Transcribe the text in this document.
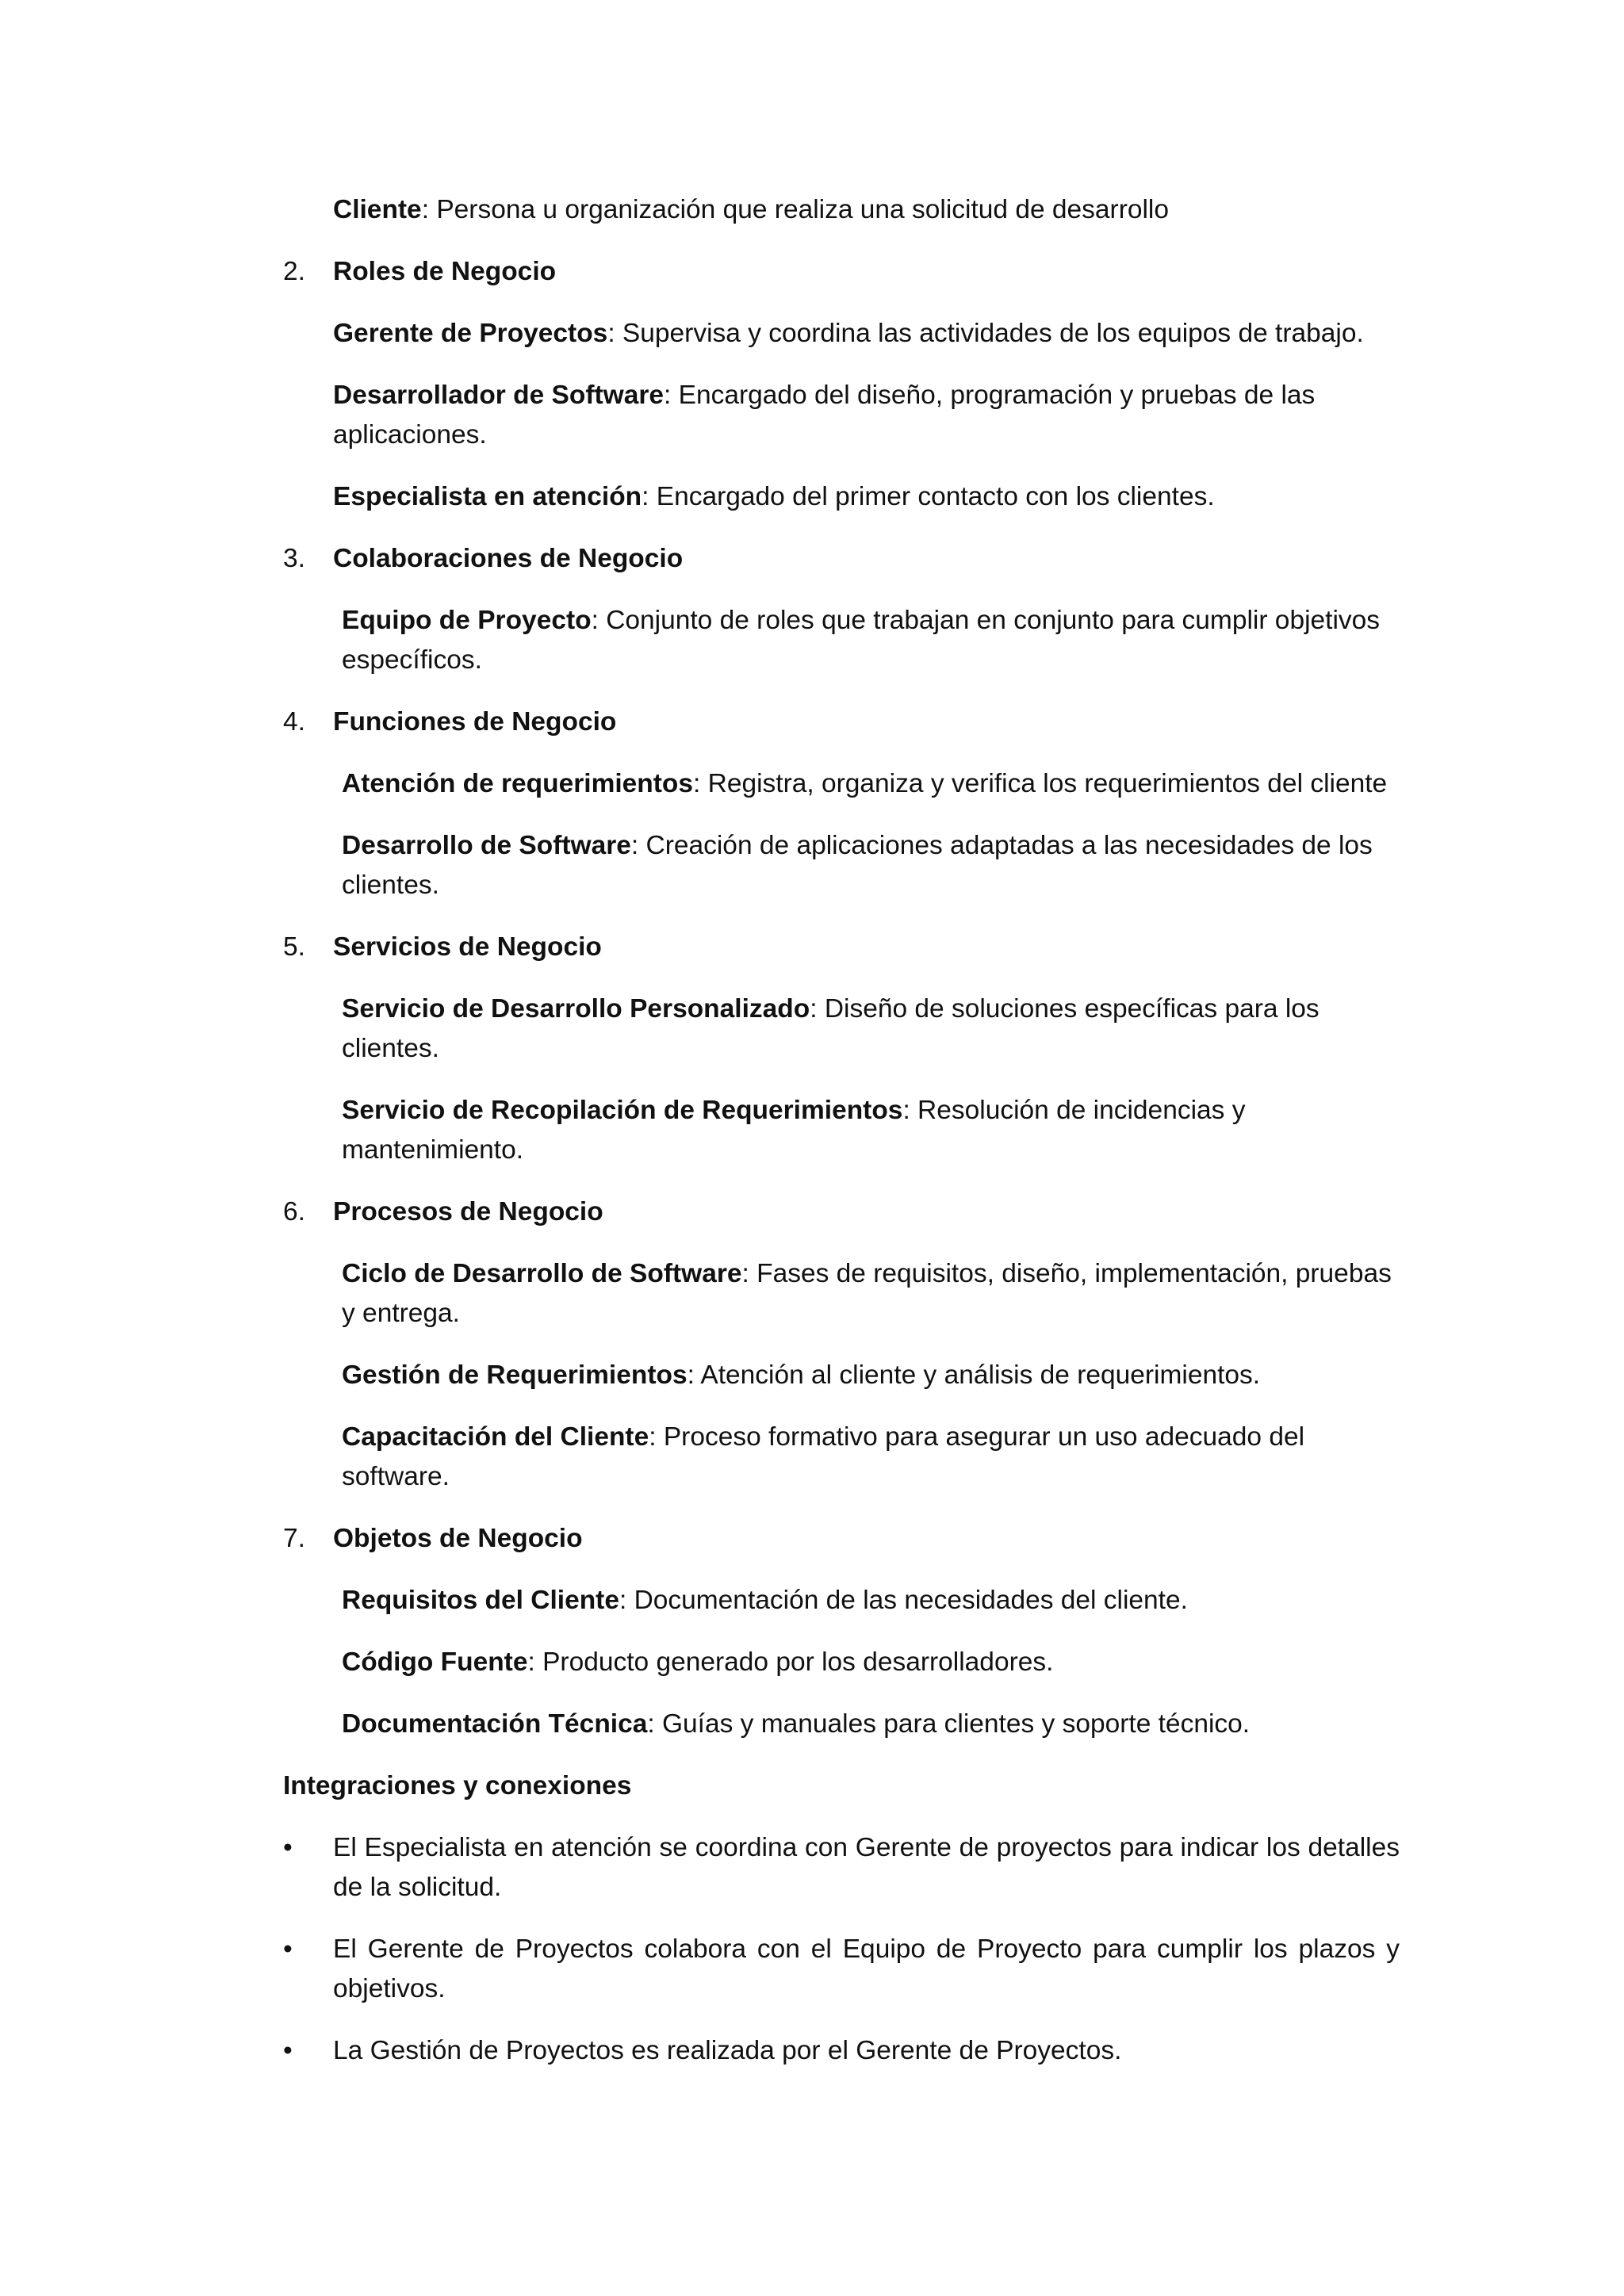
Cliente: Persona u organización que realiza una solicitud de desarrollo

2. Roles de Negocio

Gerente de Proyectos: Supervisa y coordina las actividades de los equipos de trabajo.

Desarrollador de Software: Encargado del diseño, programación y pruebas de las aplicaciones.

Especialista en atención: Encargado del primer contacto con los clientes.

3. Colaboraciones de Negocio

Equipo de Proyecto: Conjunto de roles que trabajan en conjunto para cumplir objetivos específicos.

4. Funciones de Negocio

Atención de requerimientos: Registra, organiza y verifica los requerimientos del cliente

Desarrollo de Software: Creación de aplicaciones adaptadas a las necesidades de los clientes.

5. Servicios de Negocio

Servicio de Desarrollo Personalizado: Diseño de soluciones específicas para los clientes.

Servicio de Recopilación de Requerimientos: Resolución de incidencias y mantenimiento.

6. Procesos de Negocio

Ciclo de Desarrollo de Software: Fases de requisitos, diseño, implementación, pruebas y entrega.

Gestión de Requerimientos: Atención al cliente y análisis de requerimientos.

Capacitación del Cliente: Proceso formativo para asegurar un uso adecuado del software.

7. Objetos de Negocio

Requisitos del Cliente: Documentación de las necesidades del cliente.

Código Fuente: Producto generado por los desarrolladores.

Documentación Técnica: Guías y manuales para clientes y soporte técnico.

Integraciones y conexiones

• El Especialista en atención se coordina con Gerente de proyectos para indicar los detalles de la solicitud.
• El Gerente de Proyectos colabora con el Equipo de Proyecto para cumplir los plazos y objetivos.
• La Gestión de Proyectos es realizada por el Gerente de Proyectos.
